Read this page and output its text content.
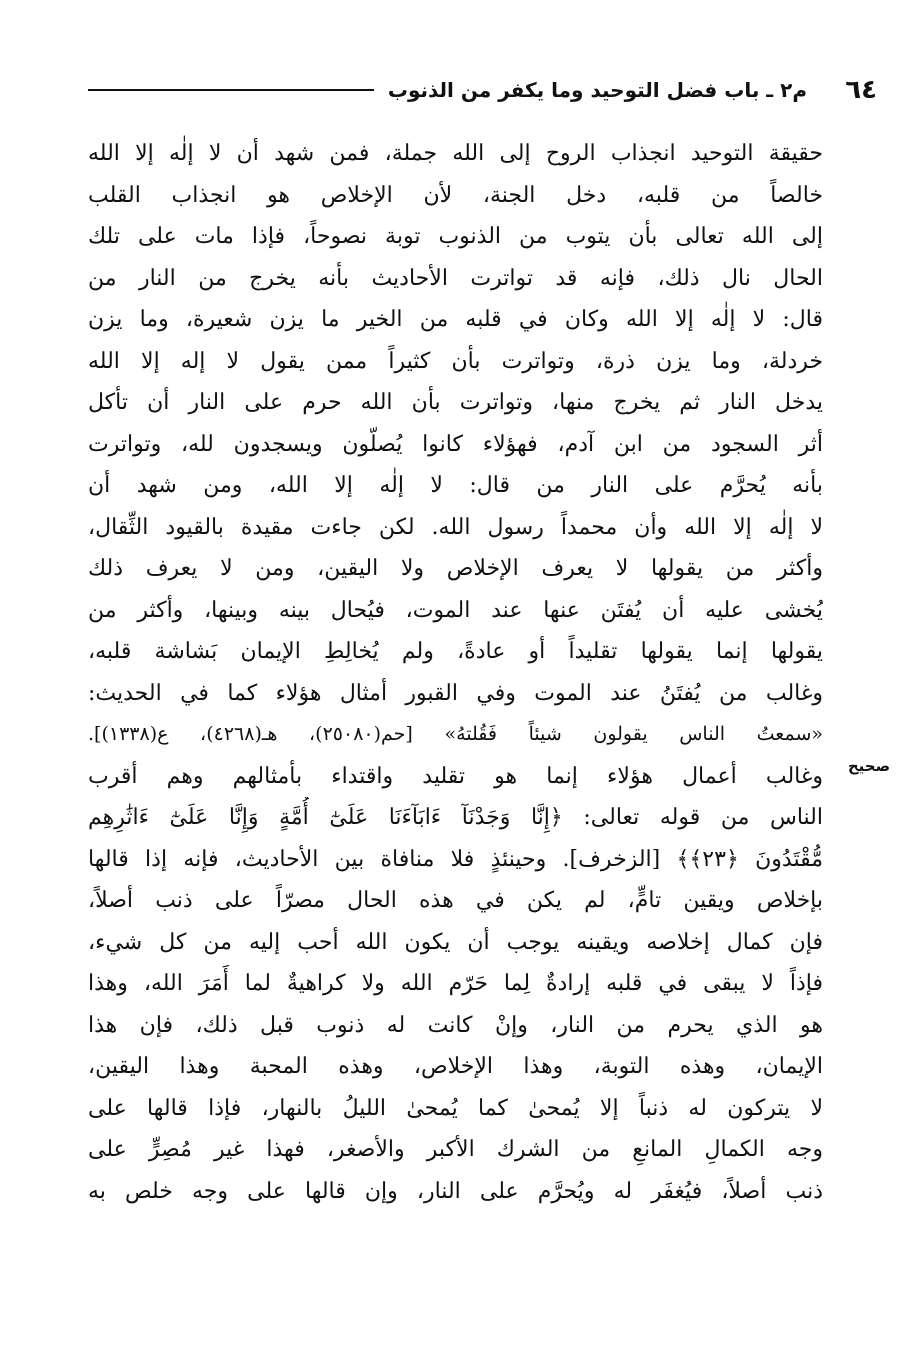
٦٤
م٢ ـ باب فضل التوحيد وما يكفر من الذنوب
صحيح
حقيقة التوحيد انجذاب الروح إلى الله جملة، فمن شهد أن لا إلٰه إلا الله
خالصاً من قلبه، دخل الجنة، لأن الإخلاص هو انجذاب القلب
إلى الله تعالى بأن يتوب من الذنوب توبة نصوحاً، فإذا مات على تلك
الحال نال ذلك، فإنه قد تواترت الأحاديث بأنه يخرج من النار من
قال: لا إلٰه إلا الله وكان في قلبه من الخير ما يزن شعيرة، وما يزن
خردلة، وما يزن ذرة، وتواترت بأن كثيراً ممن يقول لا إله إلا الله
يدخل النار ثم يخرج منها، وتواترت بأن الله حرم على النار أن تأكل
أثر السجود من ابن آدم، فهؤلاء كانوا يُصلّون ويسجدون لله، وتواترت
بأنه يُحرَّم على النار من قال: لا إلٰه إلا الله، ومن شهد أن
لا إلٰه إلا الله وأن محمداً رسول الله. لكن جاءت مقيدة بالقيود الثِّقال،
وأكثر من يقولها لا يعرف الإخلاص ولا اليقين، ومن لا يعرف ذلك
يُخشى عليه أن يُفتَن عنها عند الموت، فيُحال بينه وبينها، وأكثر من
يقولها إنما يقولها تقليداً أو عادةً، ولم يُخالِطِ الإيمان بَشاشة قلبه،
وغالب من يُفتَنُ عند الموت وفي القبور أمثال هؤلاء كما في الحديث:
«سمعتُ الناس يقولون شيئاً فَقُلتهُ» [حم(٢٥٠٨٠)، هـ(٤٢٦٨)، ع(١٣٣٨)].
وغالب أعمال هؤلاء إنما هو تقليد واقتداء بأمثالهم وهم أقرب
الناس من قوله تعالى: ﴿إِنَّا وَجَدْنَآ ءَابَآءَنَا عَلَىٰٓ أُمَّةٍ وَإِنَّا عَلَىٰٓ ءَاثَٰرِهِم
مُّقْتَدُونَ ﴿٢٣﴾﴾ [الزخرف]. وحينئذٍ فلا منافاة بين الأحاديث، فإنه إذا قالها
بإخلاص ويقين تامٍّ، لم يكن في هذه الحال مصرّاً على ذنب أصلاً،
فإن كمال إخلاصه ويقينه يوجب أن يكون الله أحب إليه من كل شيء،
فإذاً لا يبقى في قلبه إرادةٌ لِما حَرّم الله ولا كراهيةٌ لما أَمَرَ الله، وهذا
هو الذي يحرم من النار، وإنْ كانت له ذنوب قبل ذلك، فإن هذا
الإيمان، وهذه التوبة، وهذا الإخلاص، وهذه المحبة وهذا اليقين،
لا يتركون له ذنباً إلا يُمحىٰ كما يُمحىٰ الليلُ بالنهار، فإذا قالها على
وجه الكمالِ المانعِ من الشرك الأكبر والأصغر، فهذا غير مُصِرٍّ على
ذنب أصلاً، فيُغفَر له ويُحرَّم على النار، وإن قالها على وجه خلص به
